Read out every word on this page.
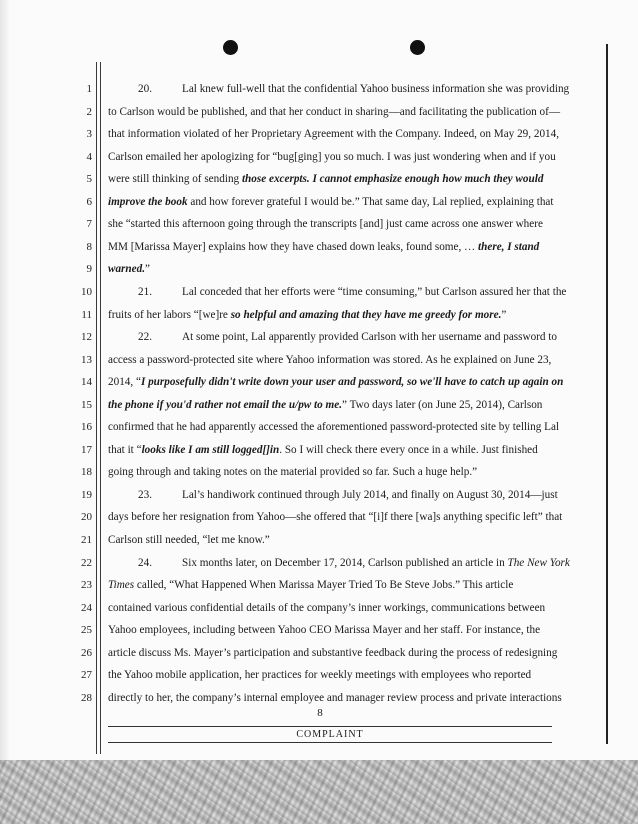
1
2
3
4
5
6
7
8
9
10
11
12
13
14
15
16
17
18
19
20
21
22
23
24
25
26
27
28
20.	Lal knew full-well that the confidential Yahoo business information she was providing
to Carlson would be published, and that her conduct in sharing—and facilitating the publication of—
that information violated of her Proprietary Agreement with the Company. Indeed, on May 29, 2014,
Carlson emailed her apologizing for “bug[ging] you so much. I was just wondering when and if you
were still thinking of sending those excerpts. I cannot emphasize enough how much they would
improve the book and how forever grateful I would be.” That same day, Lal replied, explaining that
she “started this afternoon going through the transcripts [and] just came across one answer where
MM [Marissa Mayer] explains how they have chased down leaks, found some, … there, I stand
warned.”
21.	Lal conceded that her efforts were “time consuming,” but Carlson assured her that the
fruits of her labors “[we]re so helpful and amazing that they have me greedy for more.”
22.	At some point, Lal apparently provided Carlson with her username and password to
access a password-protected site where Yahoo information was stored. As he explained on June 23,
2014, “I purposefully didn't write down your user and password, so we'll have to catch up again on
the phone if you'd rather not email the u/pw to me.” Two days later (on June 25, 2014), Carlson
confirmed that he had apparently accessed the aforementioned password-protected site by telling Lal
that it “looks like I am still logged[]in. So I will check there every once in a while. Just finished
going through and taking notes on the material provided so far. Such a huge help.”
23.	Lal’s handiwork continued through July 2014, and finally on August 30, 2014—just
days before her resignation from Yahoo—she offered that “[i]f there [wa]s anything specific left” that
Carlson still needed, “let me know.”
24.	Six months later, on December 17, 2014, Carlson published an article in The New York
Times called, “What Happened When Marissa Mayer Tried To Be Steve Jobs.” This article
contained various confidential details of the company’s inner workings, communications between
Yahoo employees, including between Yahoo CEO Marissa Mayer and her staff. For instance, the
article discuss Ms. Mayer’s participation and substantive feedback during the process of redesigning
the Yahoo mobile application, her practices for weekly meetings with employees who reported
directly to her, the company’s internal employee and manager review process and private interactions
8
COMPLAINT
